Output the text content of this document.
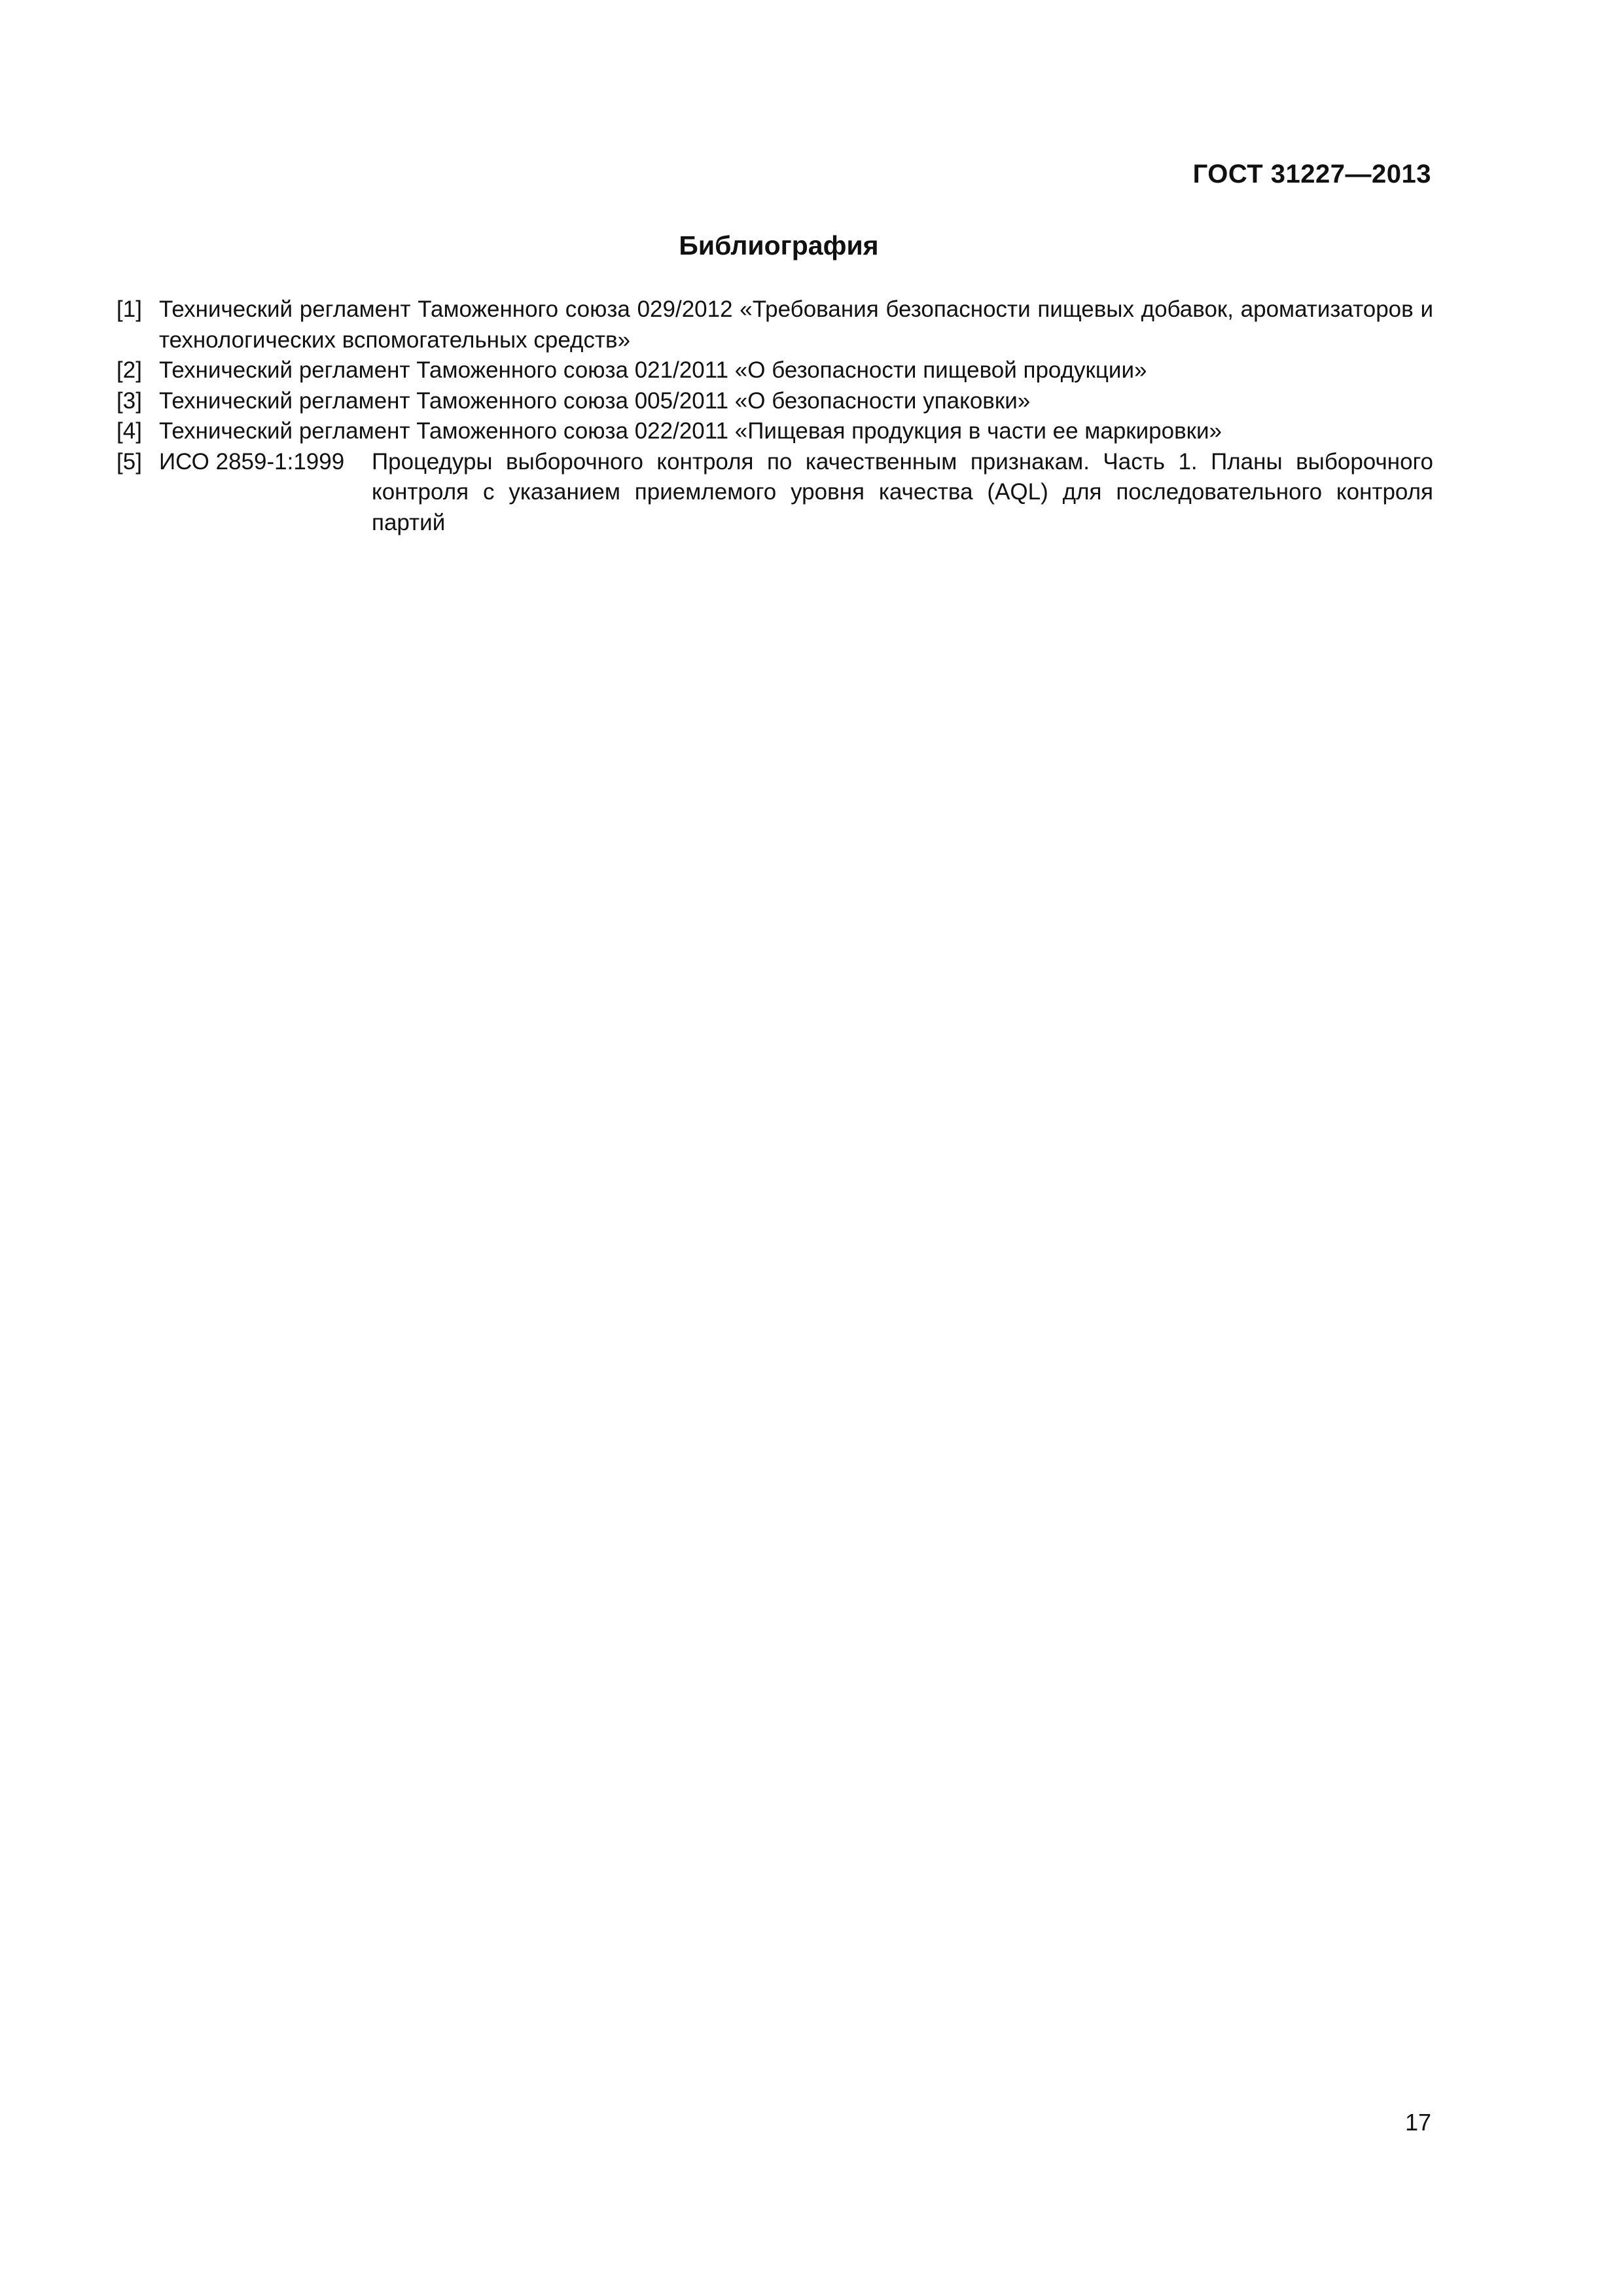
ГОСТ 31227—2013
Библиография
[1] Технический регламент Таможенного союза 029/2012 «Требования безопасности пищевых добавок, ароматизаторов и технологических вспомогательных средств»
[2] Технический регламент Таможенного союза 021/2011 «О безопасности пищевой продукции»
[3] Технический регламент Таможенного союза 005/2011 «О безопасности упаковки»
[4] Технический регламент Таможенного союза 022/2011 «Пищевая продукция в части ее маркировки»
[5] ИСО 2859-1:1999	Процедуры выборочного контроля по качественным признакам. Часть 1. Планы выборочного контроля с указанием приемлемого уровня качества (AQL) для последовательного контроля партий
17
